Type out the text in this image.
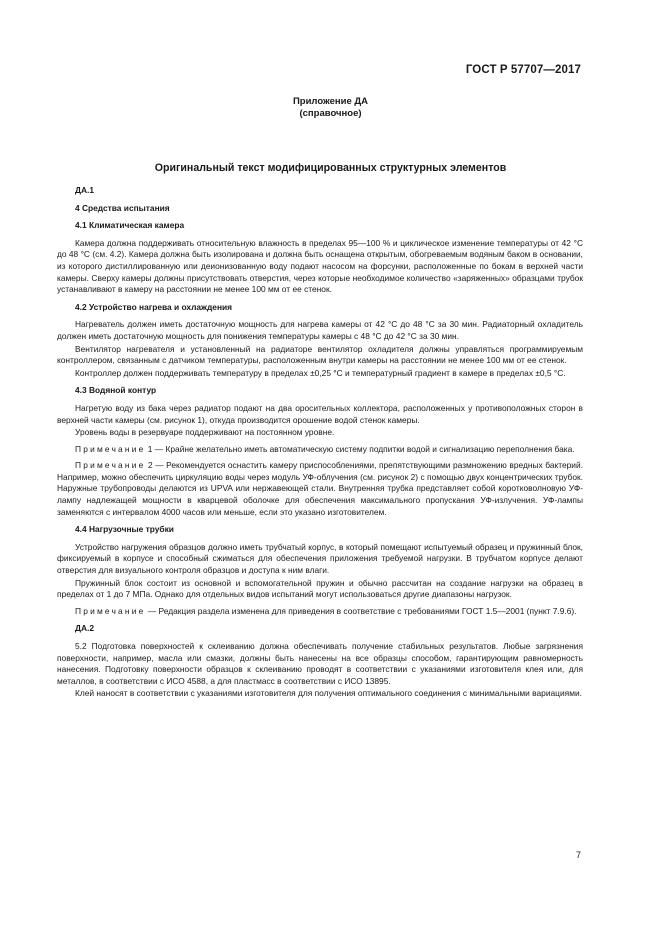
ГОСТ Р 57707—2017
Приложение ДА
(справочное)
Оригинальный текст модифицированных структурных элементов
ДА.1
4 Средства испытания
4.1 Климатическая камера
Камера должна поддерживать относительную влажность в пределах 95—100 % и циклическое изменение температуры от 42 °С до 48 °С (см. 4.2). Камера должна быть изолирована и должна быть оснащена открытым, обогреваемым водяным баком в основании, из которого дистиллированную или деионизованную воду подают насосом на форсунки, расположенные по бокам в верхней части камеры. Сверху камеры должны присутствовать отверстия, через которые необходимое количество «заряженных» образцами трубок устанавливают в камеру на расстоянии не менее 100 мм от ее стенок.
4.2 Устройство нагрева и охлаждения
Нагреватель должен иметь достаточную мощность для нагрева камеры от 42 °С до 48 °С за 30 мин. Радиаторный охладитель должен иметь достаточную мощность для понижения температуры камеры с 48 °С до 42 °С за 30 мин.
Вентилятор нагревателя и установленный на радиаторе вентилятор охладителя должны управляться программируемым контроллером, связанным с датчиком температуры, расположенным внутри камеры на расстоянии не менее 100 мм от ее стенок.
Контроллер должен поддерживать температуру в пределах ±0,25 °С и температурный градиент в камере в пределах ±0,5 °С.
4.3 Водяной контур
Нагретую воду из бака через радиатор подают на два оросительных коллектора, расположенных у противоположных сторон в верхней части камеры (см. рисунок 1), откуда производится орошение водой стенок камеры.
Уровень воды в резервуаре поддерживают на постоянном уровне.
Примечание 1 — Крайне желательно иметь автоматическую систему подпитки водой и сигнализацию переполнения бака.
Примечание 2 — Рекомендуется оснастить камеру приспособлениями, препятствующими размножению вредных бактерий. Например, можно обеспечить циркуляцию воды через модуль УФ-облучения (см. рисунок 2) с помощью двух концентрических трубок. Наружные трубопроводы делаются из UPVA или нержавеющей стали. Внутренняя трубка представляет собой коротковолновую УФ-лампу надлежащей мощности в кварцевой оболочке для обеспечения максимального пропускания УФ-излучения. УФ-лампы заменяются с интервалом 4000 часов или меньше, если это указано изготовителем.
4.4 Нагрузочные трубки
Устройство нагружения образцов должно иметь трубчатый корпус, в который помещают испытуемый образец и пружинный блок, фиксируемый в корпусе и способный сжиматься для обеспечения приложения требуемой нагрузки. В трубчатом корпусе делают отверстия для визуального контроля образцов и доступа к ним влаги.
Пружинный блок состоит из основной и вспомогательной пружин и обычно рассчитан на создание нагрузки на образец в пределах от 1 до 7 МПа. Однако для отдельных видов испытаний могут использоваться другие диапазоны нагрузок.
Примечание — Редакция раздела изменена для приведения в соответствие с требованиями ГОСТ 1.5—2001 (пункт 7.9.6).
ДА.2
5.2 Подготовка поверхностей к склеиванию должна обеспечивать получение стабильных результатов. Любые загрязнения поверхности, например, масла или смазки, должны быть нанесены на все образцы способом, гарантирующим равномерность нанесения. Подготовку поверхности образцов к склеиванию проводят в соответствии с указаниями изготовителя клея или, для металлов, в соответствии с ИСО 4588, а для пластмасс в соответствии с ИСО 13895.
Клей наносят в соответствии с указаниями изготовителя для получения оптимального соединения с минимальными вариациями.
7
